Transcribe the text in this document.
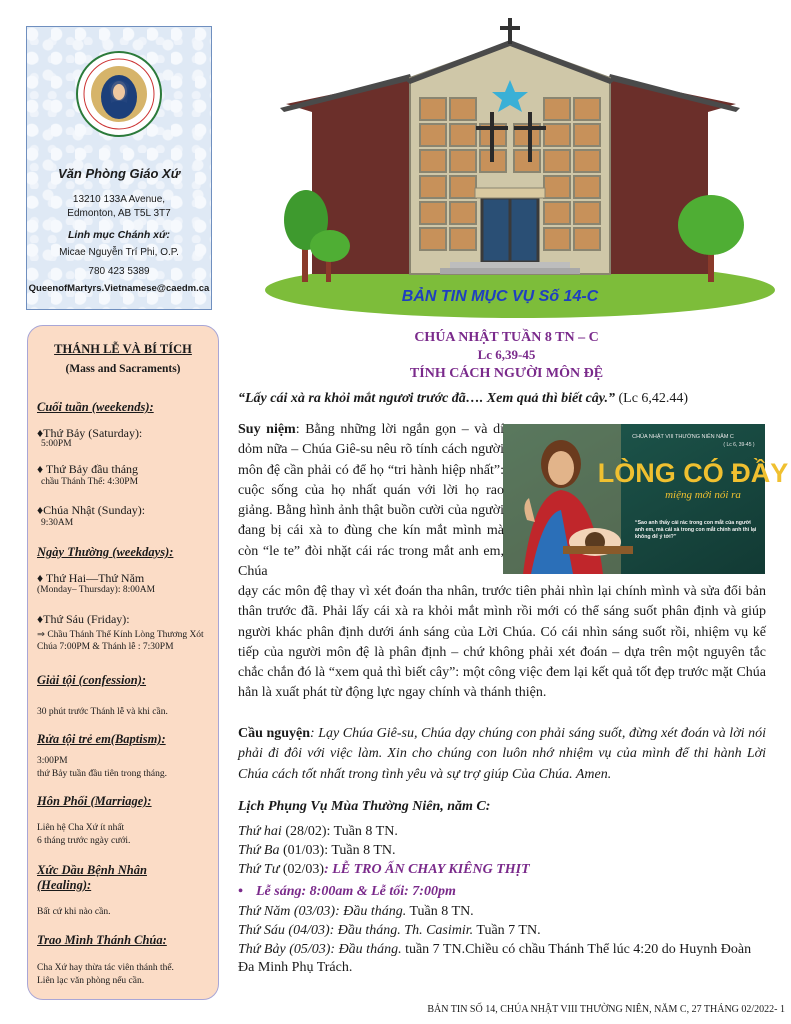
Văn Phòng Giáo Xứ
13210 133A Avenue,
Edmonton, AB T5L 3T7
Linh mục Chánh xứ:
Micae Nguyễn Trí Phi, O.P.
780 423 5389
QueenofMartyrs.Vietnamese@caedm.ca
THÁNH LỄ VÀ BÍ TÍCH
(Mass and Sacraments)
Cuối tuần (weekends):
♦Thứ Bảy (Saturday):
5:00PM
♦ Thứ Bảy đầu tháng
chầu Thánh Thể: 4:30PM
♦Chúa Nhật (Sunday):
9:30AM
Ngày Thường (weekdays):
♦ Thứ Hai—Thứ Năm
(Monday– Thursday): 8:00AM
♦Thứ Sáu (Friday):
⇒ Chầu Thánh Thể Kính Lòng Thương Xót Chúa 7:00PM & Thánh lễ : 7:30PM
Giải tội (confession):
30 phút trước Thánh lễ và khi cần.
Rửa tội trẻ em(Baptism):
3:00PM
thứ Bảy tuần đầu tiên trong tháng.
Hôn Phối (Marriage):
Liên hệ Cha Xứ ít nhất
6 tháng trước ngày cưới.
Xức Dầu Bệnh Nhân
(Healing):
Bất cứ khi nào cần.
Trao Mình Thánh Chúa:
Cha Xứ hay thừa tác viên thánh thể.
Liên lạc văn phòng nếu cần.
BẢN TIN MỤC VỤ Số 14-C
CHÚA NHẬT TUẦN 8 TN – C
Lc 6,39-45
TÍNH CÁCH NGƯỜI MÔN ĐỆ
“Lấy cái xà ra khỏi mắt ngươi trước đã…. Xem quả thì biết cây.” (Lc 6,42.44)
CHÚA NHẬT VIII THƯỜNG NIÊN NĂM C
( Lc 6, 39-45 )
LÒNG CÓ ĐẦY
miệng mới nói ra
“Sao anh thấy cái rác trong con mắt của người anh em, mà cái xà trong con mắt chính anh thì lại không để ý tới?”
Suy niệm: Bằng những lời ngắn gọn – và dí dỏm nữa – Chúa Giê-su nêu rõ tính cách người môn đệ cần phải có để họ “tri hành hiệp nhất”: cuộc sống của họ nhất quán với lời họ rao giảng. Bằng hình ảnh thật buồn cười của người đang bị cái xà to đùng che kín mắt mình mà còn “le te” đòi nhặt cái rác trong mắt anh em, Chúa
dạy các môn đệ thay vì xét đoán tha nhân, trước tiên phải nhìn lại chính mình và sửa đổi bản thân trước đã. Phải lấy cái xà ra khỏi mắt mình rồi mới có thể sáng suốt phân định và giúp người khác phân định dưới ánh sáng của Lời Chúa. Có cái nhìn sáng suốt rồi, nhiệm vụ kế tiếp của người môn đệ là phân định – chứ không phải xét đoán – dựa trên một nguyên tắc chắc chắn đó là “xem quả thì biết cây”: một công việc đem lại kết quả tốt đẹp trước mặt Chúa hẳn là xuất phát từ động lực ngay chính và thánh thiện.
Cầu nguyện: Lạy Chúa Giê-su, Chúa dạy chúng con phải sáng suốt, đừng xét đoán và lời nói phải đi đôi với việc làm. Xin cho chúng con luôn nhớ nhiệm vụ của mình để thi hành Lời Chúa cách tốt nhất trong tình yêu và sự trợ giúp Của Chúa. Amen.
Lịch Phụng Vụ Mùa Thường Niên, năm C:
Thứ hai (28/02): Tuần 8 TN.
Thứ Ba (01/03): Tuần 8 TN.
Thứ Tư (02/03): LỄ TRO ẤN CHAY KIÊNG THỊT
• Lễ sáng: 8:00am & Lễ tối: 7:00pm
Thứ Năm (03/03): Đầu tháng. Tuần 8 TN.
Thứ Sáu (04/03): Đầu tháng. Th. Casimir. Tuần 7 TN.
Thứ Bảy (05/03): Đầu tháng. tuần 7 TN.Chiều có chầu Thánh Thể lúc 4:20 do Huynh Đoàn Đa Minh Phụ Trách.
BẢN TIN SỐ 14, CHÚA NHẬT VIII THƯỜNG NIÊN, NĂM C, 27 THÁNG 02/2022- 1
